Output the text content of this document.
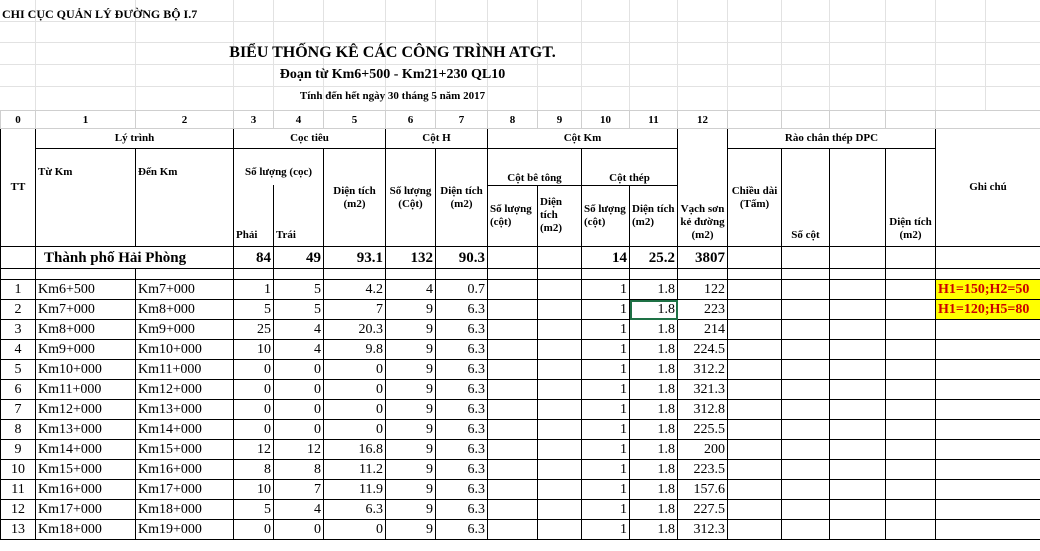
CHI CỤC QUẢN LÝ ĐƯỜNG BỘ I.7
BIỂU THỐNG KÊ CÁC CÔNG TRÌNH ATGT.
Đoạn từ Km6+500 - Km21+230 QL10
Tính đến hết ngày 30 tháng 5 năm 2017
0	1	2	3	4	5	6	7	8	9	10	11	12					
TT	Lý trình		Cọc tiêu			Cột H		Cột Km				Vạch sơn kẻ đường (m2)	Rào chắn thép DPC				Ghi chú
	Từ Km	Đến Km	Số lượng (cọc)		Diện tích (m2)	Số lượng (Cột)	Diện tích (m2)	Cột bê tông		Cột thép			Chiều dài (Tấm)	Số cột		Diện tích (m2)	

			Phải	Trái				Số lượng (cột)	Diện tích (m2)	Số lượng (cột)	Diện tích (m2)						
	Thành phố Hải Phòng		84	49	93.1	132	90.3			14	25.2	3807					

1	Km6+500	Km7+000	1	5	4.2	4	0.7			1	1.8	122					H1=150;H2=50
2	Km7+000	Km8+000	5	5	7	9	6.3			1	1.8	223					H1=120;H5=80
3	Km8+000	Km9+000	25	4	20.3	9	6.3			1	1.8	214					
4	Km9+000	Km10+000	10	4	9.8	9	6.3			1	1.8	224.5					
5	Km10+000	Km11+000	0	0	0	9	6.3			1	1.8	312.2					
6	Km11+000	Km12+000	0	0	0	9	6.3			1	1.8	321.3					
7	Km12+000	Km13+000	0	0	0	9	6.3			1	1.8	312.8					
8	Km13+000	Km14+000	0	0	0	9	6.3			1	1.8	225.5					
9	Km14+000	Km15+000	12	12	16.8	9	6.3			1	1.8	200					
10	Km15+000	Km16+000	8	8	11.2	9	6.3			1	1.8	223.5					
11	Km16+000	Km17+000	10	7	11.9	9	6.3			1	1.8	157.6					
12	Km17+000	Km18+000	5	4	6.3	9	6.3			1	1.8	227.5					
13	Km18+000	Km19+000	0	0	0	9	6.3			1	1.8	312.3					
